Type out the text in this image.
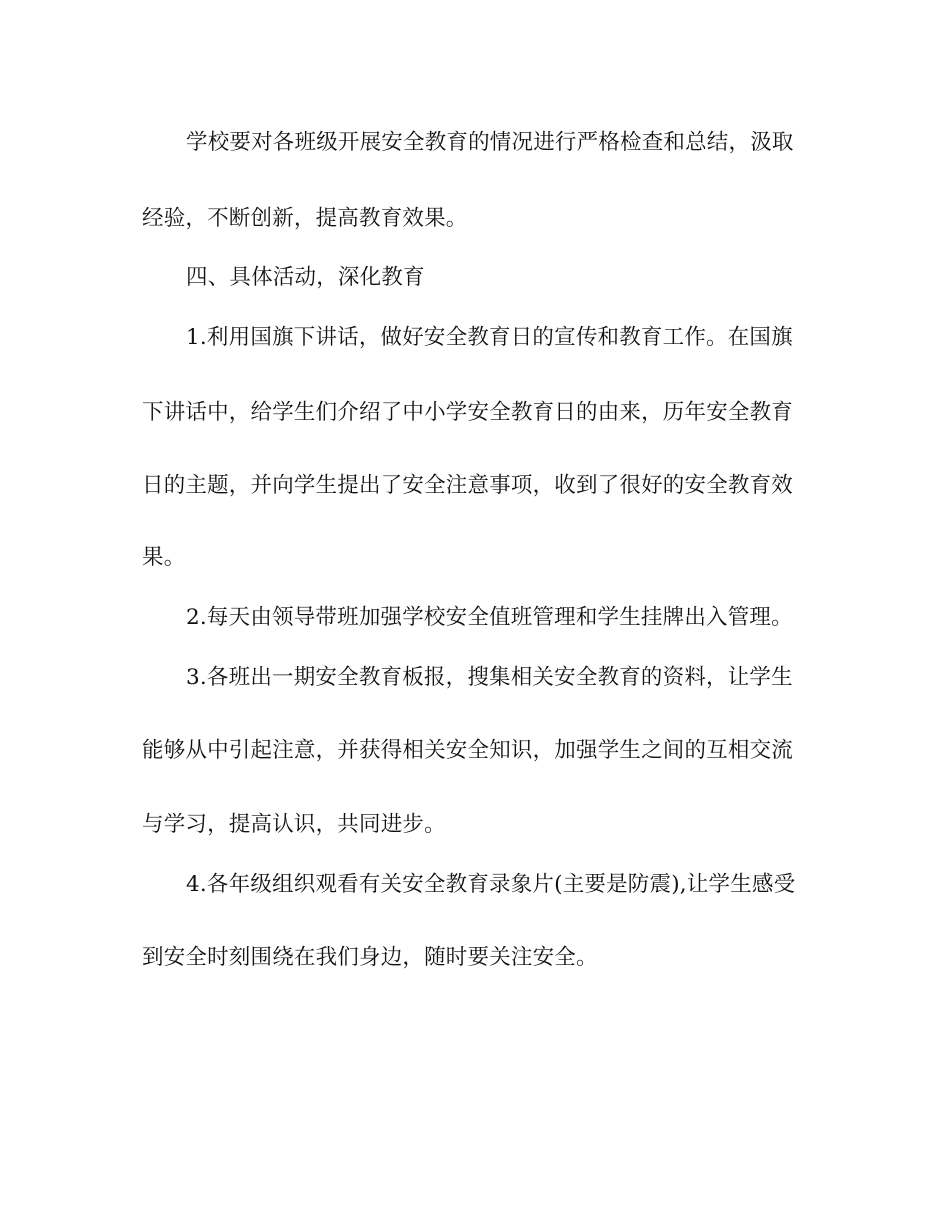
学校要对各班级开展安全教育的情况进行严格检查和总结，汲取
经验，不断创新，提高教育效果。
四、具体活动，深化教育
1.利用国旗下讲话，做好安全教育日的宣传和教育工作。在国旗
下讲话中，给学生们介绍了中小学安全教育日的由来，历年安全教育
日的主题，并向学生提出了安全注意事项，收到了很好的安全教育效
果。
2.每天由领导带班加强学校安全值班管理和学生挂牌出入管理。
3.各班出一期安全教育板报，搜集相关安全教育的资料，让学生
能够从中引起注意，并获得相关安全知识，加强学生之间的互相交流
与学习，提高认识，共同进步。
4.各年级组织观看有关安全教育录象片(主要是防震),让学生感受
到安全时刻围绕在我们身边，随时要关注安全。
